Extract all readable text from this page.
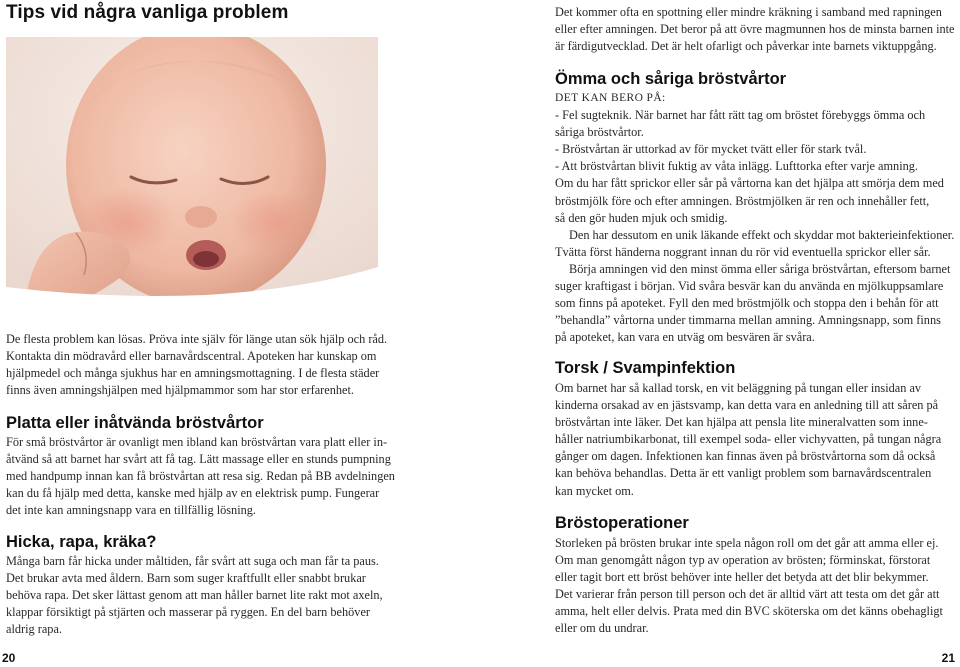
Tips vid några vanliga problem

De flesta problem kan lösas. Pröva inte själv för länge utan sök hjälp och råd.
Kontakta din mödravård eller barnavårdscentral. Apoteken har kunskap om
hjälpmedel och många sjukhus har en amningsmottagning. I de flesta städer
finns även amningshjälpen med hjälpmammor som har stor erfarenhet.

Platta eller inåtvända bröstvårtor

För små bröstvårtor är ovanligt men ibland kan bröstvårtan vara platt eller in-
åtvänd så att barnet har svårt att få tag. Lätt massage eller en stunds pumpning
med handpump innan kan få bröstvårtan att resa sig. Redan på BB avdelningen
kan du få hjälp med detta, kanske med hjälp av en elektrisk pump. Fungerar
det inte kan amningsnapp vara en tillfällig lösning.

Hicka, rapa, kräka?

Många barn får hicka under måltiden, får svårt att suga och man får ta paus.
Det brukar avta med åldern. Barn som suger kraftfullt eller snabbt brukar
behöva rapa. Det sker lättast genom att man håller barnet lite rakt mot axeln,
klappar försiktigt på stjärten och masserar på ryggen. En del barn behöver
aldrig rapa.

20

Det kommer ofta en spottning eller mindre kräkning i samband med rapningen
eller efter amningen. Det beror på att övre magmunnen hos de minsta barnen inte
är färdigutvecklad. Det är helt ofarligt och påverkar inte barnets viktuppgång.

Ömma och såriga bröstvårtor

DET KAN BERO PÅ:
- Fel sugteknik. När barnet har fått rätt tag om bröstet förebyggs ömma och
såriga bröstvårtor.
- Bröstvårtan är uttorkad av för mycket tvätt eller för stark tvål.
- Att bröstvårtan blivit fuktig av våta inlägg. Lufttorka efter varje amning.
Om du har fått sprickor eller sår på vårtorna kan det hjälpa att smörja dem med
bröstmjölk före och efter amningen. Bröstmjölken är ren och innehåller fett,
så den gör huden mjuk och smidig.
Den har dessutom en unik läkande effekt och skyddar mot bakterieinfektioner.
Tvätta först händerna noggrant innan du rör vid eventuella sprickor eller sår.
Börja amningen vid den minst ömma eller såriga bröstvårtan, eftersom barnet
suger kraftigast i början. Vid svåra besvär kan du använda en mjölkuppsamlare
som finns på apoteket. Fyll den med bröstmjölk och stoppa den i behån för att
”behandla” vårtorna under timmarna mellan amning. Amningsnapp, som finns
på apoteket, kan vara en utväg om besvären är svåra.

Torsk / Svampinfektion

Om barnet har så kallad torsk, en vit beläggning på tungan eller insidan av
kinderna orsakad av en jästsvamp, kan detta vara en anledning till att såren på
bröstvårtan inte läker. Det kan hjälpa att pensla lite mineralvatten som inne-
håller natriumbikarbonat, till exempel soda- eller vichyvatten, på tungan några
gånger om dagen. Infektionen kan finnas även på bröstvårtorna som då också
kan behöva behandlas. Detta är ett vanligt problem som barnavårdscentralen
kan mycket om.

Bröstoperationer

Storleken på brösten brukar inte spela någon roll om det går att amma eller ej.
Om man genomgått någon typ av operation av brösten; förminskat, förstorat
eller tagit bort ett bröst behöver inte heller det betyda att det blir bekymmer.
Det varierar från person till person och det är alltid värt att testa om det går att
amma, helt eller delvis. Prata med din BVC sköterska om det känns obehagligt
eller om du undrar.

21
